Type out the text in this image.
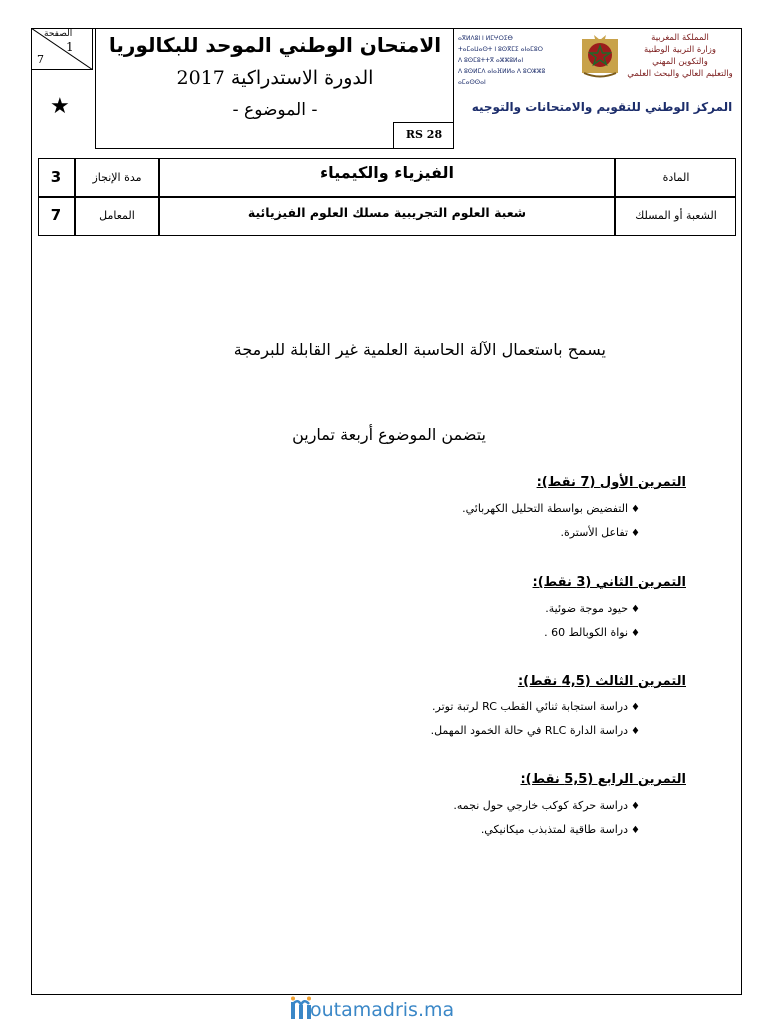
الصفحة
1
7
★
الامتحان الوطني الموحد للبكالوريا
الدورة الاستدراكية 2017
- الموضوع -
RS 28
ⴰⴳⵍⴷⵓⵏ ⵏ ⵍⵎⵖⵔⵉⴱ
ⵜⴰⵎⴰⵡⴰⵙⵜ ⵏ ⵓⵙⴳⵎⵉ ⴰⵏⴰⵎⵓⵔ
ⴷ ⵓⵙⵎⵓⵜⵜⴳ ⴰⵣⵣⵓⵍⴰⵏ
ⴷ ⵓⵙⵍⵎⴷ ⴰⵏⴰⴼⵍⵍⴰ ⴷ ⵓⵔⵣⵣⵓ ⴰⵎⴰⵙⵙⴰⵏ
المملكة المغربية
وزارة التربية الوطنية
والتكوين المهني
والتعليم العالي والبحث العلمي
المركز الوطني للتقويم والامتحانات والتوجيه
3	مدة الإنجاز	الفيزياء والكيمياء	المادة
7	المعامل	شعبة العلوم التجريبية مسلك العلوم الفيزيائية	الشعبة أو المسلك
يسمح باستعمال الآلة الحاسبة العلمية غير القابلة للبرمجة
يتضمن الموضوع أربعة تمارين
التمرين الأول (7 نقط):
♦التفضيض بواسطة التحليل الكهربائي.
♦تفاعل الأسترة.
التمرين الثاني (3 نقط):
♦حيود موجة ضوئية.
♦نواة الكوبالط 60 .
التمرين الثالث (4,5 نقط):
♦دراسة استجابة ثنائي القطب RC لرتبة توتر.
♦دراسة الدارة RLC في حالة الخمود المهمل.
التمرين الرابع (5,5 نقط):
♦دراسة حركة كوكب خارجي حول نجمه.
♦دراسة طاقية لمتذبذب ميكانيكي.
outamadris.ma
